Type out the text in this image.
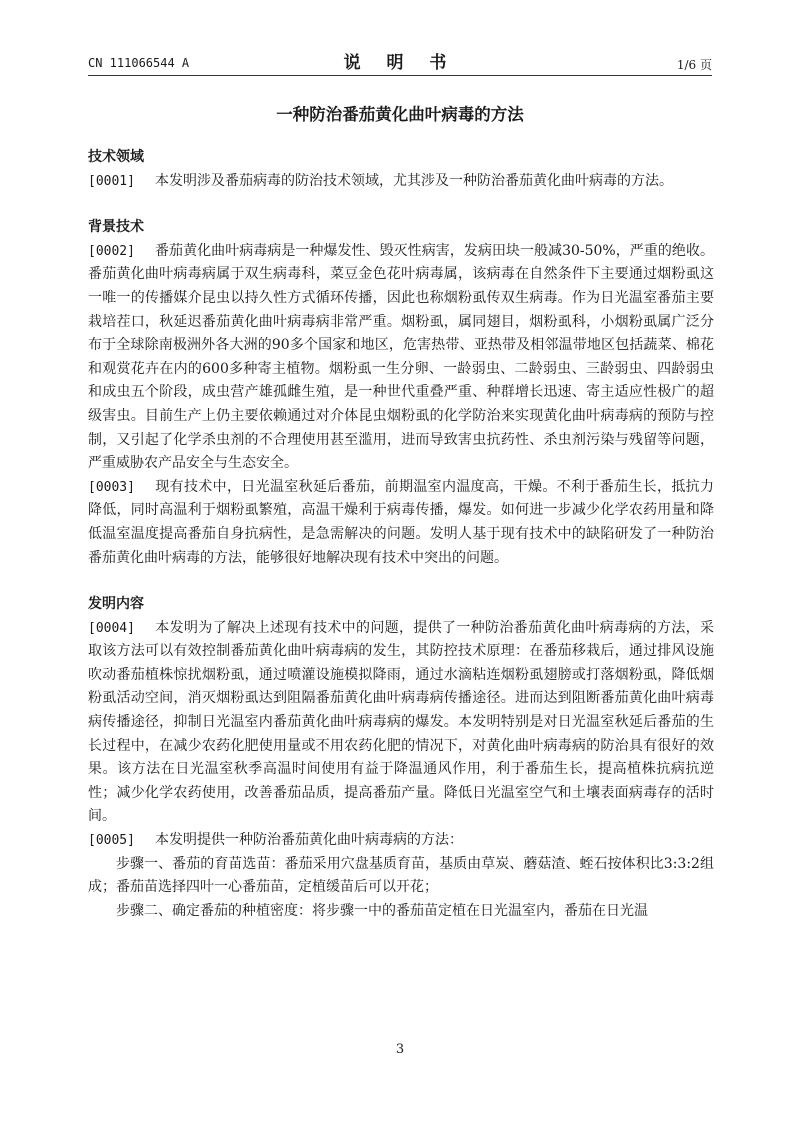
CN 111066544 A	说 明 书	1/6 页
一种防治番茄黄化曲叶病毒的方法

技术领域

[0001] 本发明涉及番茄病毒的防治技术领域，尤其涉及一种防治番茄黄化曲叶病毒的方法。

背景技术

[0002] 番茄黄化曲叶病毒病是一种爆发性、毁灭性病害，发病田块一般减30-50%，严重的绝收。番茄黄化曲叶病毒病属于双生病毒科，菜豆金色花叶病毒属，该病毒在自然条件下主要通过烟粉虱这一唯一的传播媒介昆虫以持久性方式循环传播，因此也称烟粉虱传双生病毒。作为日光温室番茄主要栽培茬口，秋延迟番茄黄化曲叶病毒病非常严重。烟粉虱，属同翅目，烟粉虱科，小烟粉虱属广泛分布于全球除南极洲外各大洲的90多个国家和地区，危害热带、亚热带及相邻温带地区包括蔬菜、棉花和观赏花卉在内的600多种寄主植物。烟粉虱一生分卵、一龄弱虫、二龄弱虫、三龄弱虫、四龄弱虫和成虫五个阶段，成虫营产雄孤雌生殖，是一种世代重叠严重、种群增长迅速、寄主适应性极广的超级害虫。目前生产上仍主要依赖通过对介体昆虫烟粉虱的化学防治来实现黄化曲叶病毒病的预防与控制，又引起了化学杀虫剂的不合理使用甚至滥用，进而导致害虫抗药性、杀虫剂污染与残留等问题，严重威胁农产品安全与生态安全。

[0003] 现有技术中，日光温室秋延后番茄，前期温室内温度高，干燥。不利于番茄生长，抵抗力降低，同时高温利于烟粉虱繁殖，高温干燥利于病毒传播，爆发。如何进一步减少化学农药用量和降低温室温度提高番茄自身抗病性，是急需解决的问题。发明人基于现有技术中的缺陷研发了一种防治番茄黄化曲叶病毒的方法，能够很好地解决现有技术中突出的问题。

发明内容

[0004] 本发明为了解决上述现有技术中的问题，提供了一种防治番茄黄化曲叶病毒病的方法，采取该方法可以有效控制番茄黄化曲叶病毒病的发生，其防控技术原理：在番茄移栽后，通过排风设施吹动番茄植株惊扰烟粉虱，通过喷灌设施模拟降雨，通过水滴粘连烟粉虱翅膀或打落烟粉虱，降低烟粉虱活动空间，消灭烟粉虱达到阻隔番茄黄化曲叶病毒病传播途径。进而达到阻断番茄黄化曲叶病毒病传播途径，抑制日光温室内番茄黄化曲叶病毒病的爆发。本发明特别是对日光温室秋延后番茄的生长过程中，在减少农药化肥使用量或不用农药化肥的情况下，对黄化曲叶病毒病的防治具有很好的效果。该方法在日光温室秋季高温时间使用有益于降温通风作用，利于番茄生长，提高植株抗病抗逆性；减少化学农药使用，改善番茄品质，提高番茄产量。降低日光温室空气和土壤表面病毒存的活时间。

[0005] 本发明提供一种防治番茄黄化曲叶病毒病的方法：

步骤一、番茄的育苗选苗：番茄采用穴盘基质育苗，基质由草炭、蘑菇渣、蛭石按体积比3:3:2组成；番茄苗选择四叶一心番茄苗，定植缓苗后可以开花；

步骤二、确定番茄的种植密度：将步骤一中的番茄苗定植在日光温室内，番茄在日光温

3
